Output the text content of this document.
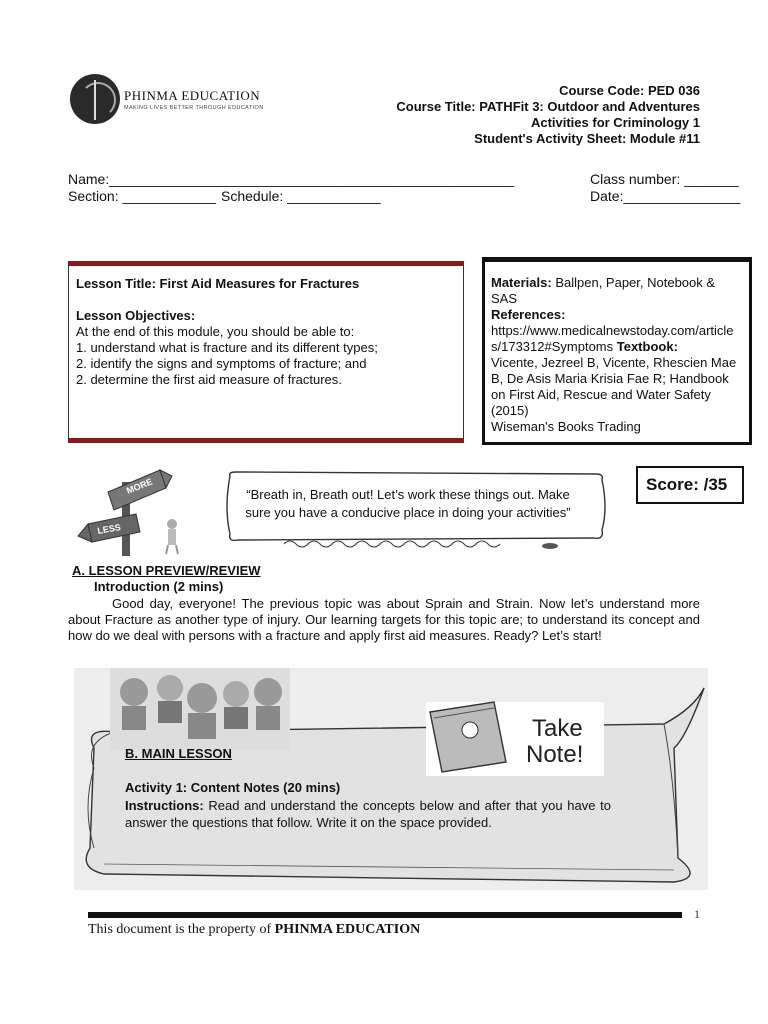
PHINMA EDUCATION
MAKING LIVES BETTER THROUGH EDUCATION
Course Code: PED 036
Course Title: PATHFit 3: Outdoor and Adventures
Activities for Criminology 1
Student's Activity Sheet: Module #11
Name:____________________________________________________
Section: ____________ Schedule: ____________
Class number: _______
Date:_______________
Lesson Title: First Aid Measures for Fractures
Lesson Objectives:
At the end of this module, you should be able to:
1. understand what is fracture and its different types;
2. identify the signs and symptoms of fracture; and
2. determine the first aid measure of fractures.
Materials: Ballpen, Paper, Notebook & SAS
References:
https://www.medicalnewstoday.com/articles/173312#Symptoms Textbook:
Vicente, Jezreel B, Vicente, Rhescien Mae B, De Asis Maria Krisia Fae R; Handbook on First Aid, Rescue and Water Safety (2015)
Wiseman's Books Trading
MORE
LESS
“Breath in, Breath out! Let’s work these things out. Make sure you have a conducive place in doing your activities”
Score: /35
A. LESSON PREVIEW/REVIEW
Introduction (2 mins)
Good day, everyone! The previous topic was about Sprain and Strain. Now let’s understand more about Fracture as another type of injury. Our learning targets for this topic are; to understand its concept and how do we deal with persons with a fracture and apply first aid measures. Ready? Let’s start!
Take
Note!
B. MAIN LESSON
Activity 1: Content Notes (20 mins)
Instructions: Read and understand the concepts below and after that you have to answer the questions that follow. Write it on the space provided.
1
This document is the property of PHINMA EDUCATION
